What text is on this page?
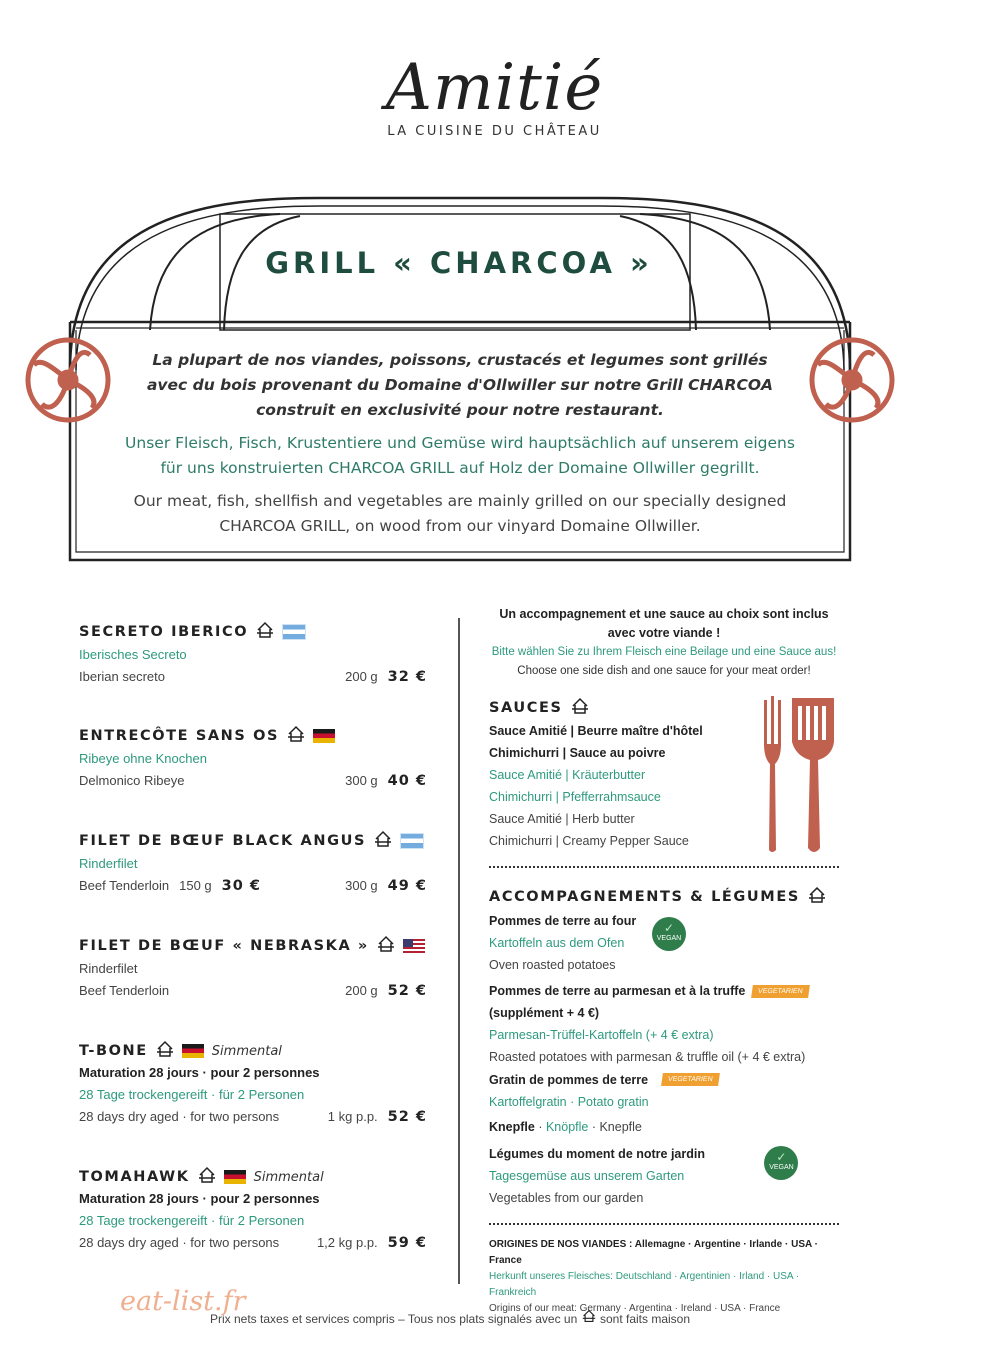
Amitié
LA CUISINE DU CHÂTEAU
GRILL « CHARCOA »
La plupart de nos viandes, poissons, crustacés et legumes sont grillés
avec du bois provenant du Domaine d'Ollwiller sur notre Grill CHARCOA
construit en exclusivité pour notre restaurant.
Unser Fleisch, Fisch, Krustentiere und Gemüse wird hauptsächlich auf unserem eigens
für uns konstruierten CHARCOA GRILL auf Holz der Domaine Ollwiller gegrillt.
Our meat, fish, shellfish and vegetables are mainly grilled on our specially designed
CHARCOA GRILL, on wood from our vinyard Domaine Ollwiller.
SECRETO IBERICO
Iberisches Secreto
Iberian secreto	200 g 32 €
ENTRECÔTE SANS OS
Ribeye ohne Knochen
Delmonico Ribeye	300 g 40 €
FILET DE BŒUF BLACK ANGUS
Rinderfilet
Beef Tenderloin 150 g 30 €	300 g 49 €
FILET DE BŒUF « NEBRASKA »
Rinderfilet
Beef Tenderloin	200 g 52 €
T-BONE	Simmental
Maturation 28 jours · pour 2 personnes
28 Tage trockengereift · für 2 Personen
28 days dry aged · for two persons	1 kg p.p. 52 €
TOMAHAWK	Simmental
Maturation 28 jours · pour 2 personnes
28 Tage trockengereift · für 2 Personen
28 days dry aged · for two persons	1,2 kg p.p. 59 €
Un accompagnement et une sauce au choix sont inclus
avec votre viande !
Bitte wählen Sie zu Ihrem Fleisch eine Beilage und eine Sauce aus!
Choose one side dish and one sauce for your meat order!
SAUCES
Sauce Amitié | Beurre maître d'hôtel
Chimichurri | Sauce au poivre
Sauce Amitié | Kräuterbutter
Chimichurri | Pfefferrahmsauce
Sauce Amitié | Herb butter
Chimichurri | Creamy Pepper Sauce
ACCOMPAGNEMENTS & LÉGUMES
Pommes de terre au four
Kartoffeln aus dem Ofen
Oven roasted potatoes
✓ VEGAN
Pommes de terre au parmesan et à la truffe
(supplément + 4 €)
Parmesan-Trüffel-Kartoffeln (+ 4 € extra)
Roasted potatoes with parmesan & truffle oil (+ 4 € extra)
VEGETARIEN
Gratin de pommes de terre
Kartoffelgratin · Potato gratin
VEGETARIEN
Knepfle · Knöpfle · Knepfle
Légumes du moment de notre jardin
Tagesgemüse aus unserem Garten
Vegetables from our garden
✓ VEGAN
ORIGINES DE NOS VIANDES : Allemagne · Argentine · Irlande · USA · France
Herkunft unseres Fleisches: Deutschland · Argentinien · Irland · USA · Frankreich
Origins of our meat: Germany · Argentina · Ireland · USA · France
Prix nets taxes et services compris – Tous nos plats signalés avec un sont faits maison
eat-list.fr
